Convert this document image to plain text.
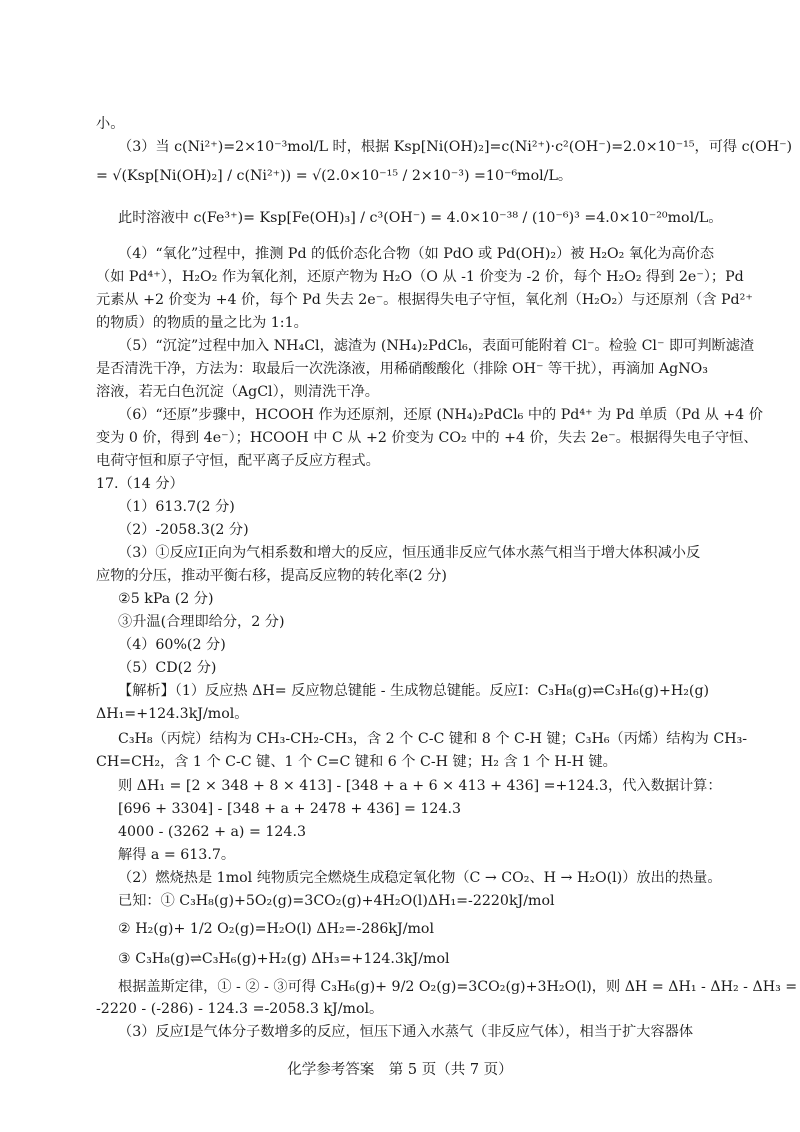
小。
（3）当 c(Ni²⁺)=2×10⁻³mol/L 时，根据 Ksp[Ni(OH)₂]=c(Ni²⁺)·c²(OH⁻)=2.0×10⁻¹⁵，可得 c(OH⁻)
= √(Ksp[Ni(OH)₂] / c(Ni²⁺)) = √(2.0×10⁻¹⁵ / 2×10⁻³) =10⁻⁶mol/L。
此时溶液中 c(Fe³⁺)= Ksp[Fe(OH)₃] / c³(OH⁻) = 4.0×10⁻³⁸ / (10⁻⁶)³ =4.0×10⁻²⁰mol/L。
（4）“氧化”过程中，推测 Pd 的低价态化合物（如 PdO 或 Pd(OH)₂）被 H₂O₂ 氧化为高价态
（如 Pd⁴⁺），H₂O₂ 作为氧化剂，还原产物为 H₂O（O 从 -1 价变为 -2 价，每个 H₂O₂ 得到 2e⁻）；Pd
元素从 +2 价变为 +4 价，每个 Pd 失去 2e⁻。根据得失电子守恒，氧化剂（H₂O₂）与还原剂（含 Pd²⁺
的物质）的物质的量之比为 1:1。
（5）“沉淀”过程中加入 NH₄Cl，滤渣为 (NH₄)₂PdCl₆，表面可能附着 Cl⁻。检验 Cl⁻ 即可判断滤渣
是否清洗干净，方法为：取最后一次洗涤液，用稀硝酸酸化（排除 OH⁻ 等干扰），再滴加 AgNO₃
溶液，若无白色沉淀（AgCl），则清洗干净。
（6）“还原”步骤中，HCOOH 作为还原剂，还原 (NH₄)₂PdCl₆ 中的 Pd⁴⁺ 为 Pd 单质（Pd 从 +4 价
变为 0 价，得到 4e⁻）；HCOOH 中 C 从 +2 价变为 CO₂ 中的 +4 价，失去 2e⁻。根据得失电子守恒、
电荷守恒和原子守恒，配平离子反应方程式。
17.（14 分）
（1）613.7(2 分)
（2）-2058.3(2 分)
（3）①反应Ⅰ正向为气相系数和增大的反应，恒压通非反应气体水蒸气相当于增大体积减小反
应物的分压，推动平衡右移，提高反应物的转化率(2 分)
②5 kPa (2 分)
③升温(合理即给分，2 分)
（4）60%(2 分)
（5）CD(2 分)
【解析】（1）反应热 ΔH= 反应物总键能 - 生成物总键能。反应Ⅰ：C₃H₈(g)⇌C₃H₆(g)+H₂(g)
ΔH₁=+124.3kJ/mol。
C₃H₈（丙烷）结构为 CH₃-CH₂-CH₃，含 2 个 C-C 键和 8 个 C-H 键；C₃H₆（丙烯）结构为 CH₃-
CH=CH₂，含 1 个 C-C 键、1 个 C=C 键和 6 个 C-H 键；H₂ 含 1 个 H-H 键。
则 ΔH₁ = [2 × 348 + 8 × 413] - [348 + a + 6 × 413 + 436] =+124.3，代入数据计算：
[696 + 3304] - [348 + a + 2478 + 436] = 124.3
4000 - (3262 + a) = 124.3
解得 a = 613.7。
（2）燃烧热是 1mol 纯物质完全燃烧生成稳定氧化物（C → CO₂、H → H₂O(l)）放出的热量。
已知：① C₃H₈(g)+5O₂(g)=3CO₂(g)+4H₂O(l)ΔH₁=-2220kJ/mol
② H₂(g)+ 1/2 O₂(g)=H₂O(l) ΔH₂=-286kJ/mol
③ C₃H₈(g)⇌C₃H₆(g)+H₂(g) ΔH₃=+124.3kJ/mol
根据盖斯定律，① - ② - ③可得 C₃H₆(g)+ 9/2 O₂(g)=3CO₂(g)+3H₂O(l)，则 ΔH = ΔH₁ - ΔH₂ - ΔH₃ =
-2220 - (-286) - 124.3 =-2058.3 kJ/mol。
（3）反应Ⅰ是气体分子数增多的反应，恒压下通入水蒸气（非反应气体），相当于扩大容器体
化学参考答案　第 5 页（共 7 页）
